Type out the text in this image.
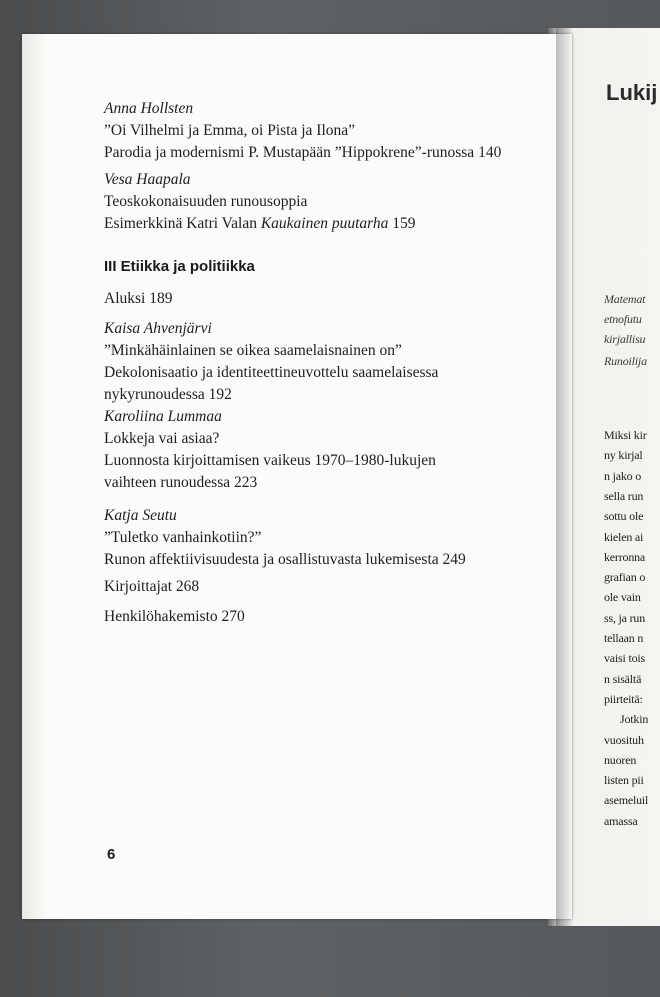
Lukij
Matemat
etnofutu
kirjallisu
Runoilija
Miksi kir
ny kirjal
n jako o
sella run
sottu ole
kielen ai
kerronna
grafian o
ole vain
ss, ja run
tellaan n
vaisi tois
n sisältä
piirteitä:
Jotkin
vuosituh
nuoren
listen pii
asemeluil
amassa
Anna Hollsten
”Oi Vilhelmi ja Emma, oi Pista ja Ilona”
Parodia ja modernismi P. Mustapään ”Hippokrene”-runossa 140
Vesa Haapala
Teoskokonaisuuden runousoppia
Esimerkkinä Katri Valan Kaukainen puutarha 159
III Etiikka ja politiikka
Aluksi 189
Kaisa Ahvenjärvi
”Minkähäinlainen se oikea saamelaisnainen on”
Dekolonisaatio ja identiteettineuvottelu saamelaisessa
nykyrunoudessa 192
Karoliina Lummaa
Lokkeja vai asiaa?
Luonnosta kirjoittamisen vaikeus 1970–1980-lukujen
vaihteen runoudessa 223
Katja Seutu
”Tuletko vanhainkotiin?”
Runon affektiivisuudesta ja osallistuvasta lukemisesta 249
Kirjoittajat 268
Henkilöhakemisto 270
6
